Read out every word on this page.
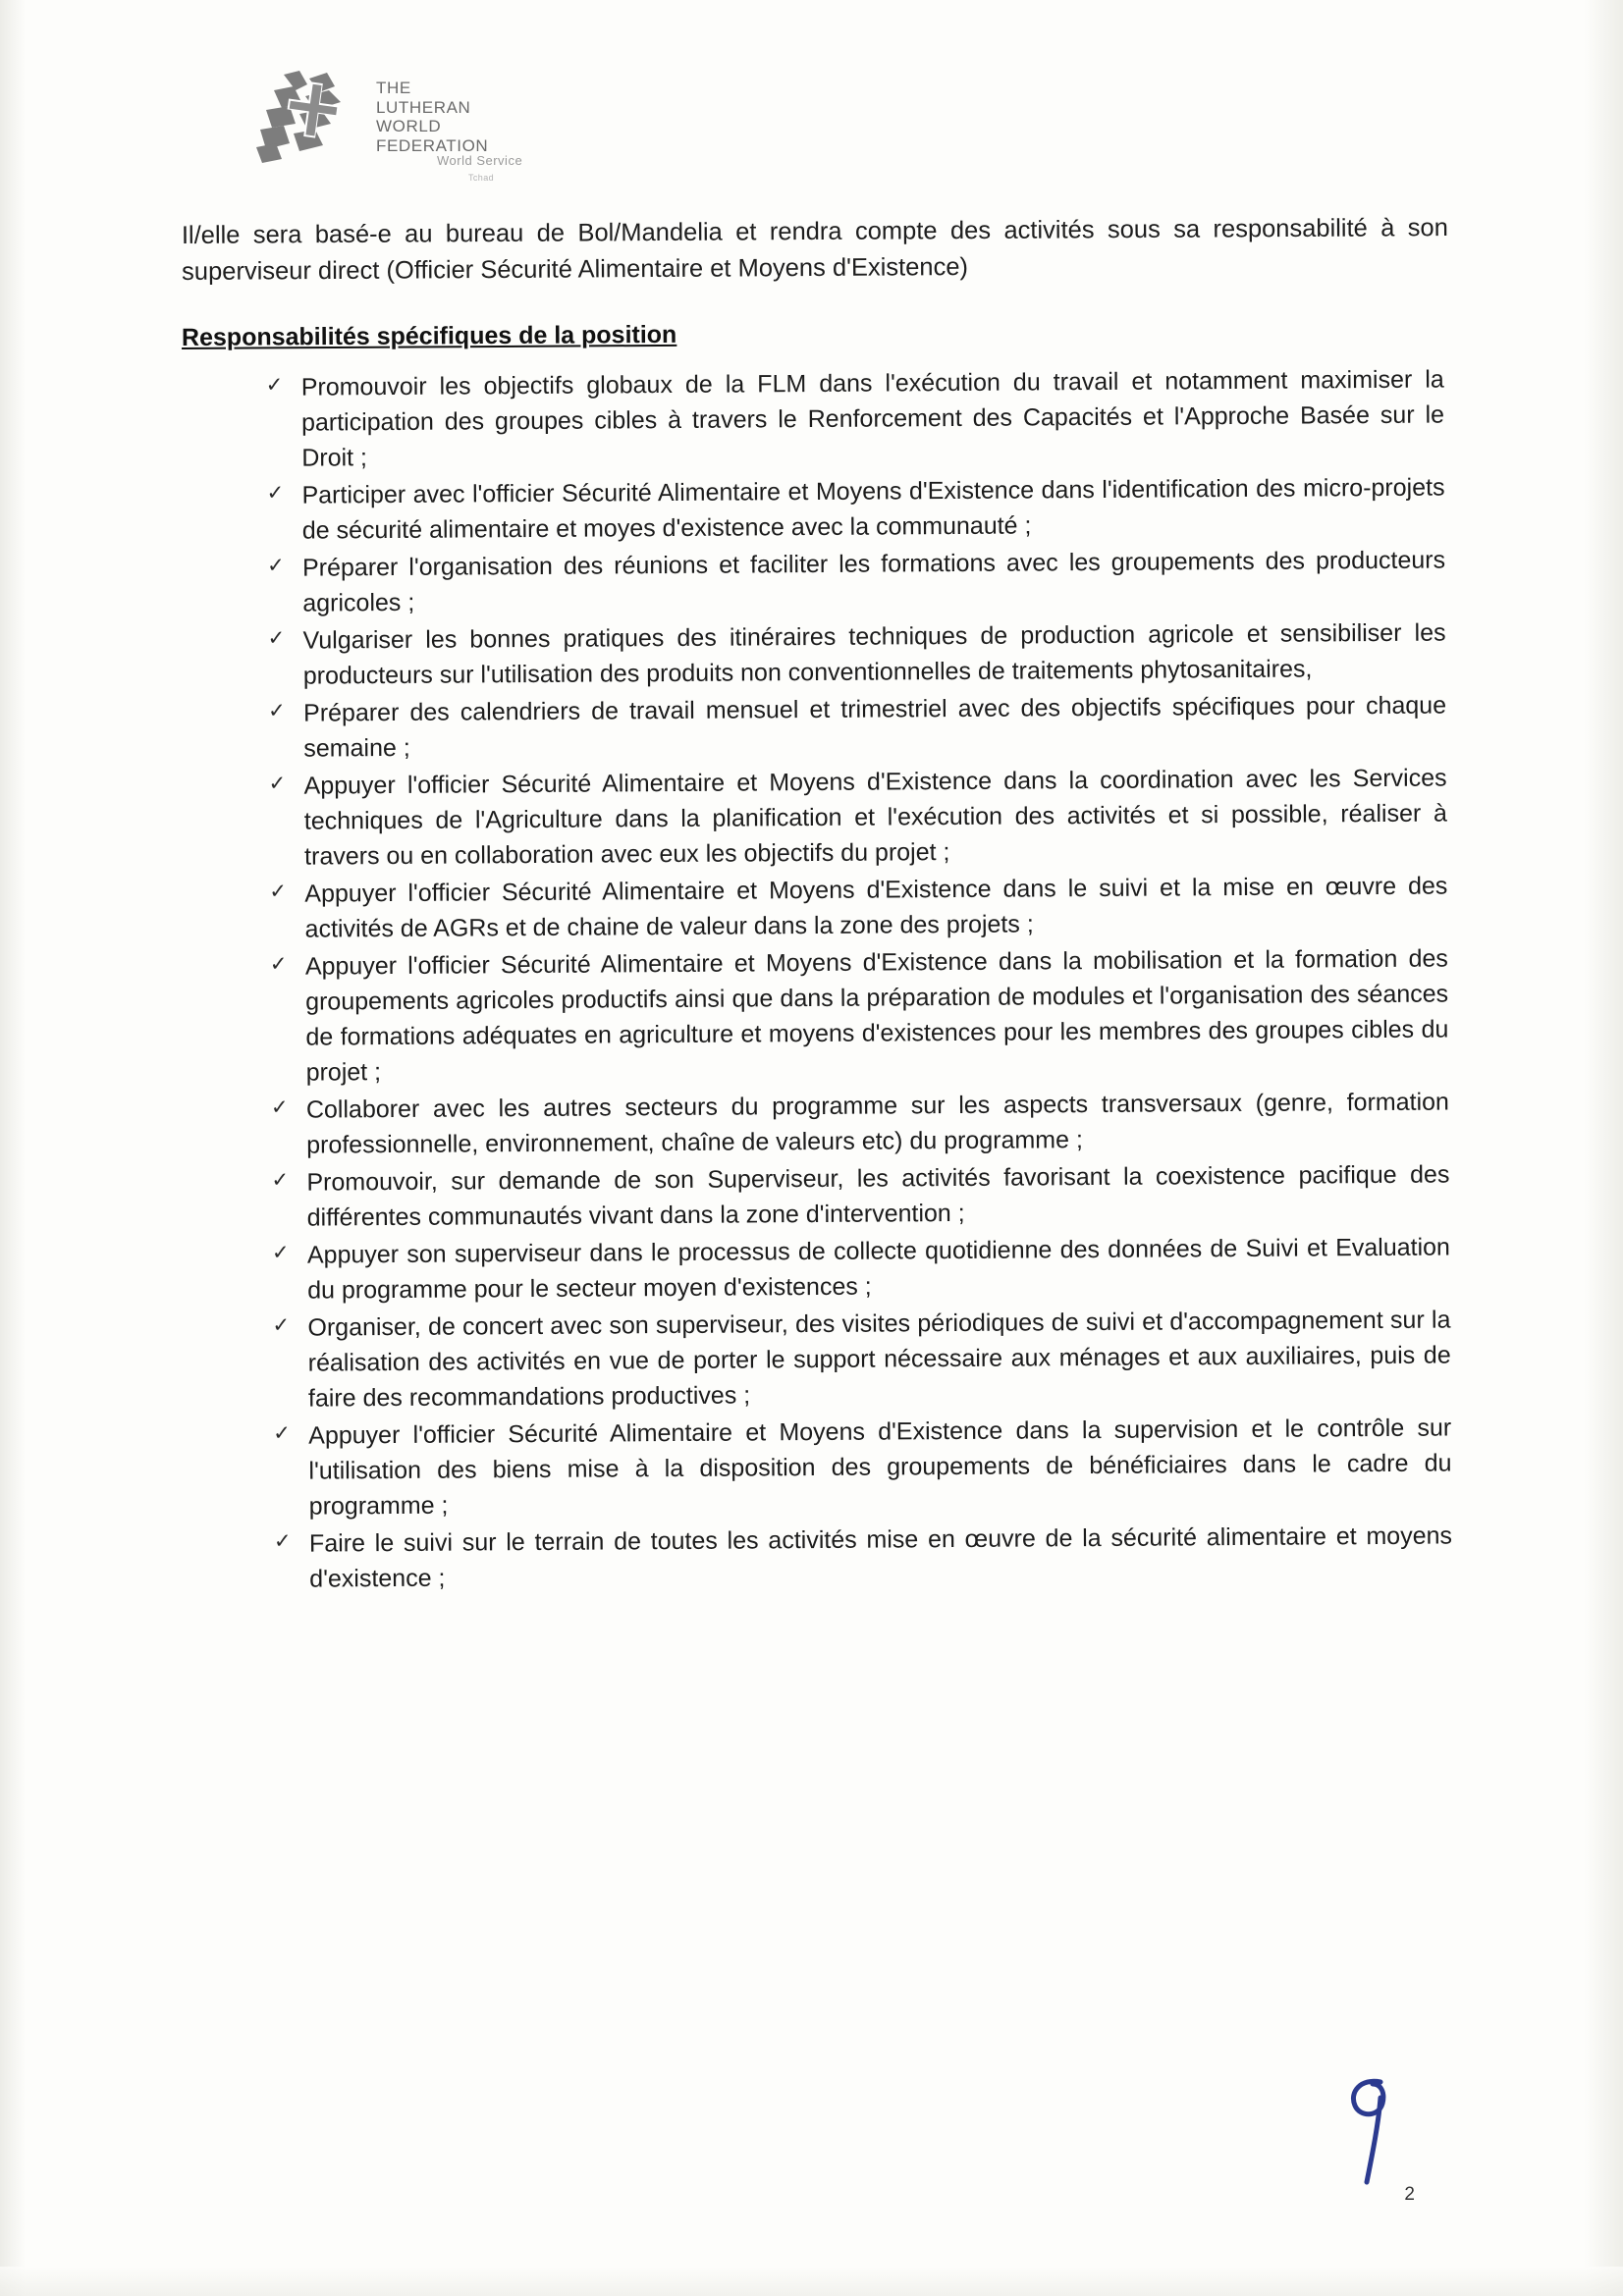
THE
LUTHERAN
WORLD
FEDERATION
World Service
Tchad

Il/elle sera basé-e au bureau de Bol/Mandelia et rendra compte des activités sous sa responsabilité à son superviseur direct (Officier Sécurité Alimentaire et Moyens d'Existence)

Responsabilités spécifiques de la position
✓ Promouvoir les objectifs globaux de la FLM dans l'exécution du travail et notamment maximiser la participation des groupes cibles à travers le Renforcement des Capacités et l'Approche Basée sur le Droit ;
✓ Participer avec l'officier Sécurité Alimentaire et Moyens d'Existence dans l'identification des micro-projets de sécurité alimentaire et moyes d'existence avec la communauté ;
✓ Préparer l'organisation des réunions et faciliter les formations avec les groupements des producteurs agricoles ;
✓ Vulgariser les bonnes pratiques des itinéraires techniques de production agricole et sensibiliser les producteurs sur l'utilisation des produits non conventionnelles de traitements phytosanitaires,
✓ Préparer des calendriers de travail mensuel et trimestriel avec des objectifs spécifiques pour chaque semaine ;
✓ Appuyer l'officier Sécurité Alimentaire et Moyens d'Existence dans la coordination avec les Services techniques de l'Agriculture dans la planification et l'exécution des activités et si possible, réaliser à travers ou en collaboration avec eux les objectifs du projet ;
✓ Appuyer l'officier Sécurité Alimentaire et Moyens d'Existence dans le suivi et la mise en œuvre des activités de AGRs et de chaine de valeur dans la zone des projets ;
✓ Appuyer l'officier Sécurité Alimentaire et Moyens d'Existence dans la mobilisation et la formation des groupements agricoles productifs ainsi que dans la préparation de modules et l'organisation des séances de formations adéquates en agriculture et moyens d'existences pour les membres des groupes cibles du projet ;
✓ Collaborer avec les autres secteurs du programme sur les aspects transversaux (genre, formation professionnelle, environnement, chaîne de valeurs etc) du programme ;
✓ Promouvoir, sur demande de son Superviseur, les activités favorisant la coexistence pacifique des différentes communautés vivant dans la zone d'intervention ;
✓ Appuyer son superviseur dans le processus de collecte quotidienne des données de Suivi et Evaluation du programme pour le secteur moyen d'existences ;
✓ Organiser, de concert avec son superviseur, des visites périodiques de suivi et d'accompagnement sur la réalisation des activités en vue de porter le support nécessaire aux ménages et aux auxiliaires, puis de faire des recommandations productives ;
✓ Appuyer l'officier Sécurité Alimentaire et Moyens d'Existence dans la supervision et le contrôle sur l'utilisation des biens mise à la disposition des groupements de bénéficiaires dans le cadre du programme ;
✓ Faire le suivi sur le terrain de toutes les activités mise en œuvre de la sécurité alimentaire et moyens d'existence ;
2
